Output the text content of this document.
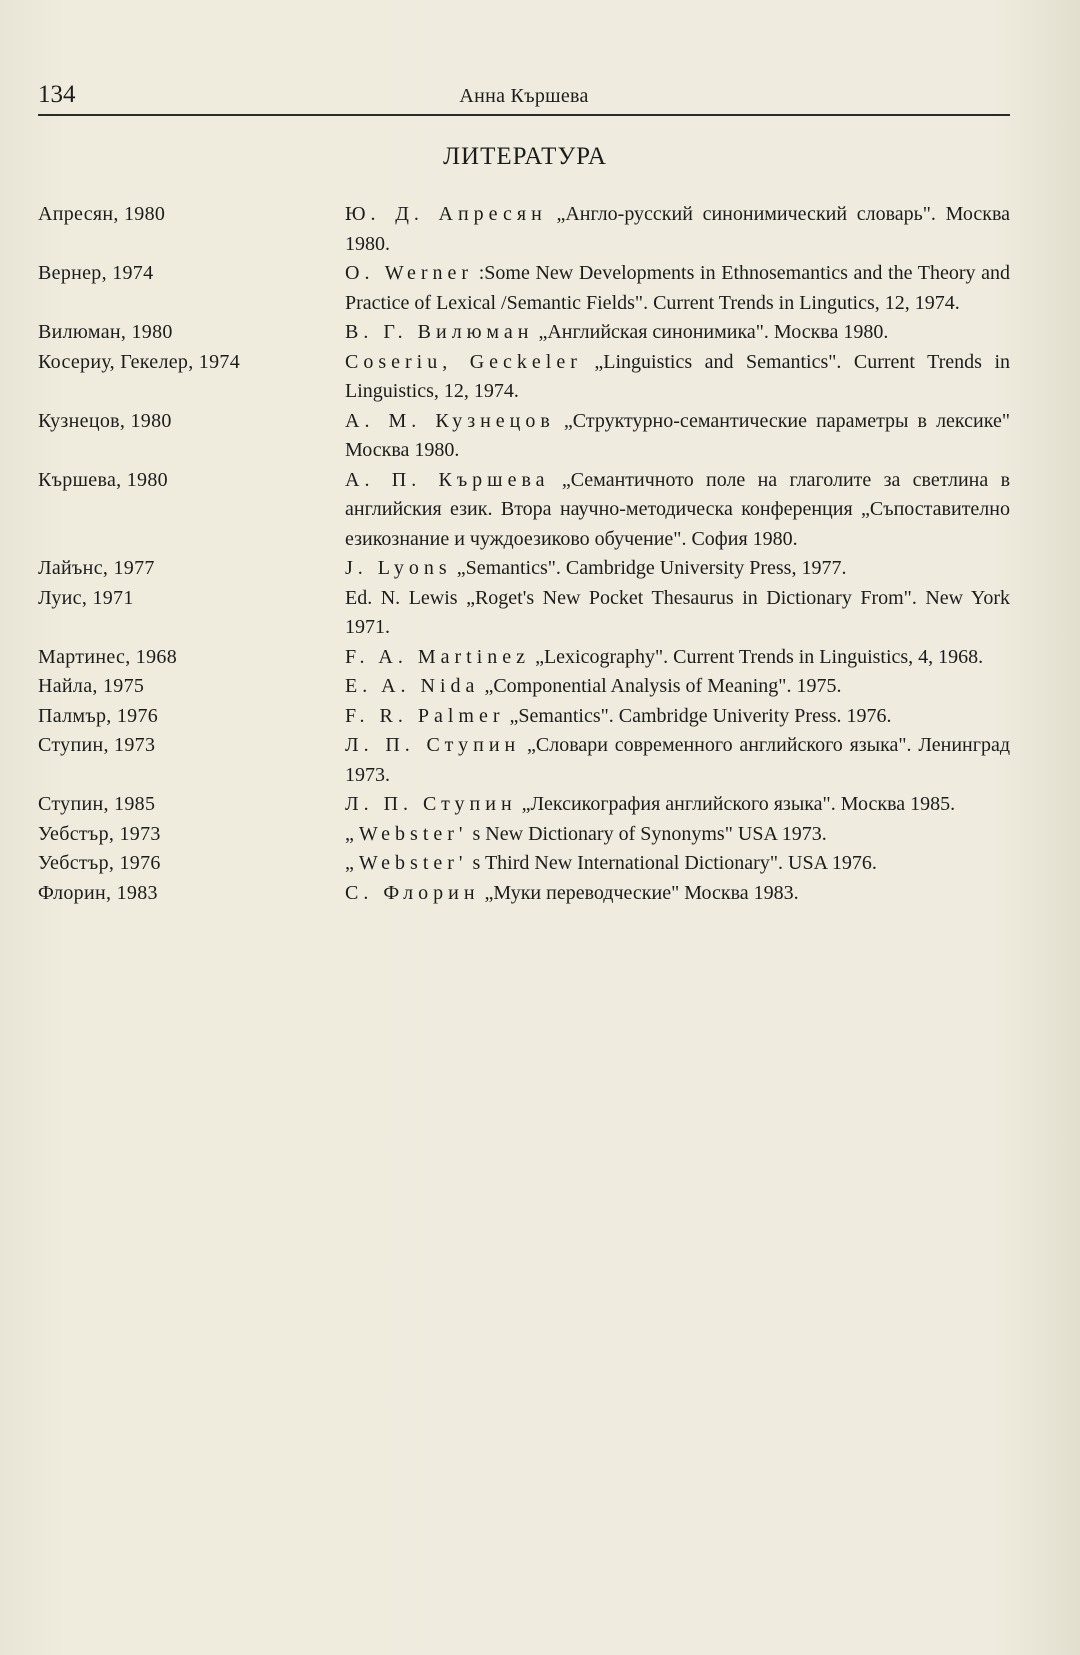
134	Анна Кършева
ЛИТЕРАТУРА
Апресян, 1980	Ю. Д. Апресян „Англо-русский синонимический словарь". Москва 1980.
Вернер, 1974	O. Werner :Some New Developments in Ethnosemantics and the Theory and Practice of Lexical /Semantic Fields". Current Trends in Lingutics, 12, 1974.
Вилюман, 1980	В. Г. Вилюман „Английская синонимика". Москва 1980.
Косериу, Гекелер, 1974	Coseriu, Geckeler „Linguistics and Semantics". Current Trends in Linguistics, 12, 1974.
Кузнецов, 1980	А. М. Кузнецов „Структурно-семантические параметры в лексике" Москва 1980.
Кършева, 1980	А. П. Кършева „Семантичното поле на глаголите за светлина в английския език. Втора научно-методическа конференция „Съпоставително езикознание и чуждоезиково обучение". София 1980.
Лайънс, 1977	J. Lyons „Semantics". Cambridge University Press, 1977.
Луис, 1971	Ed. N. Lewis „Roget's New Pocket Thesaurus in Dictionary From". New York 1971.
Мартинес, 1968	F. A. Martinez „Lexicography". Current Trends in Linguistics, 4, 1968.
Найла, 1975	E. A. Nida „Componential Analysis of Meaning". 1975.
Палмър, 1976	F. R. Palmer „Semantics". Cambridge Univerity Press. 1976.
Ступин, 1973	Л. П. Ступин „Словари современного английского языка". Ленинград 1973.
Ступин, 1985	Л. П. Ступин „Лексикография английского языка". Москва 1985.
Уебстър, 1973	„Webster' s New Dictionary of Synonyms" USA 1973.
Уебстър, 1976	„Webster' s Third New International Dictionary". USA 1976.
Флорин, 1983	С. Флорин „Муки переводческие" Москва 1983.
